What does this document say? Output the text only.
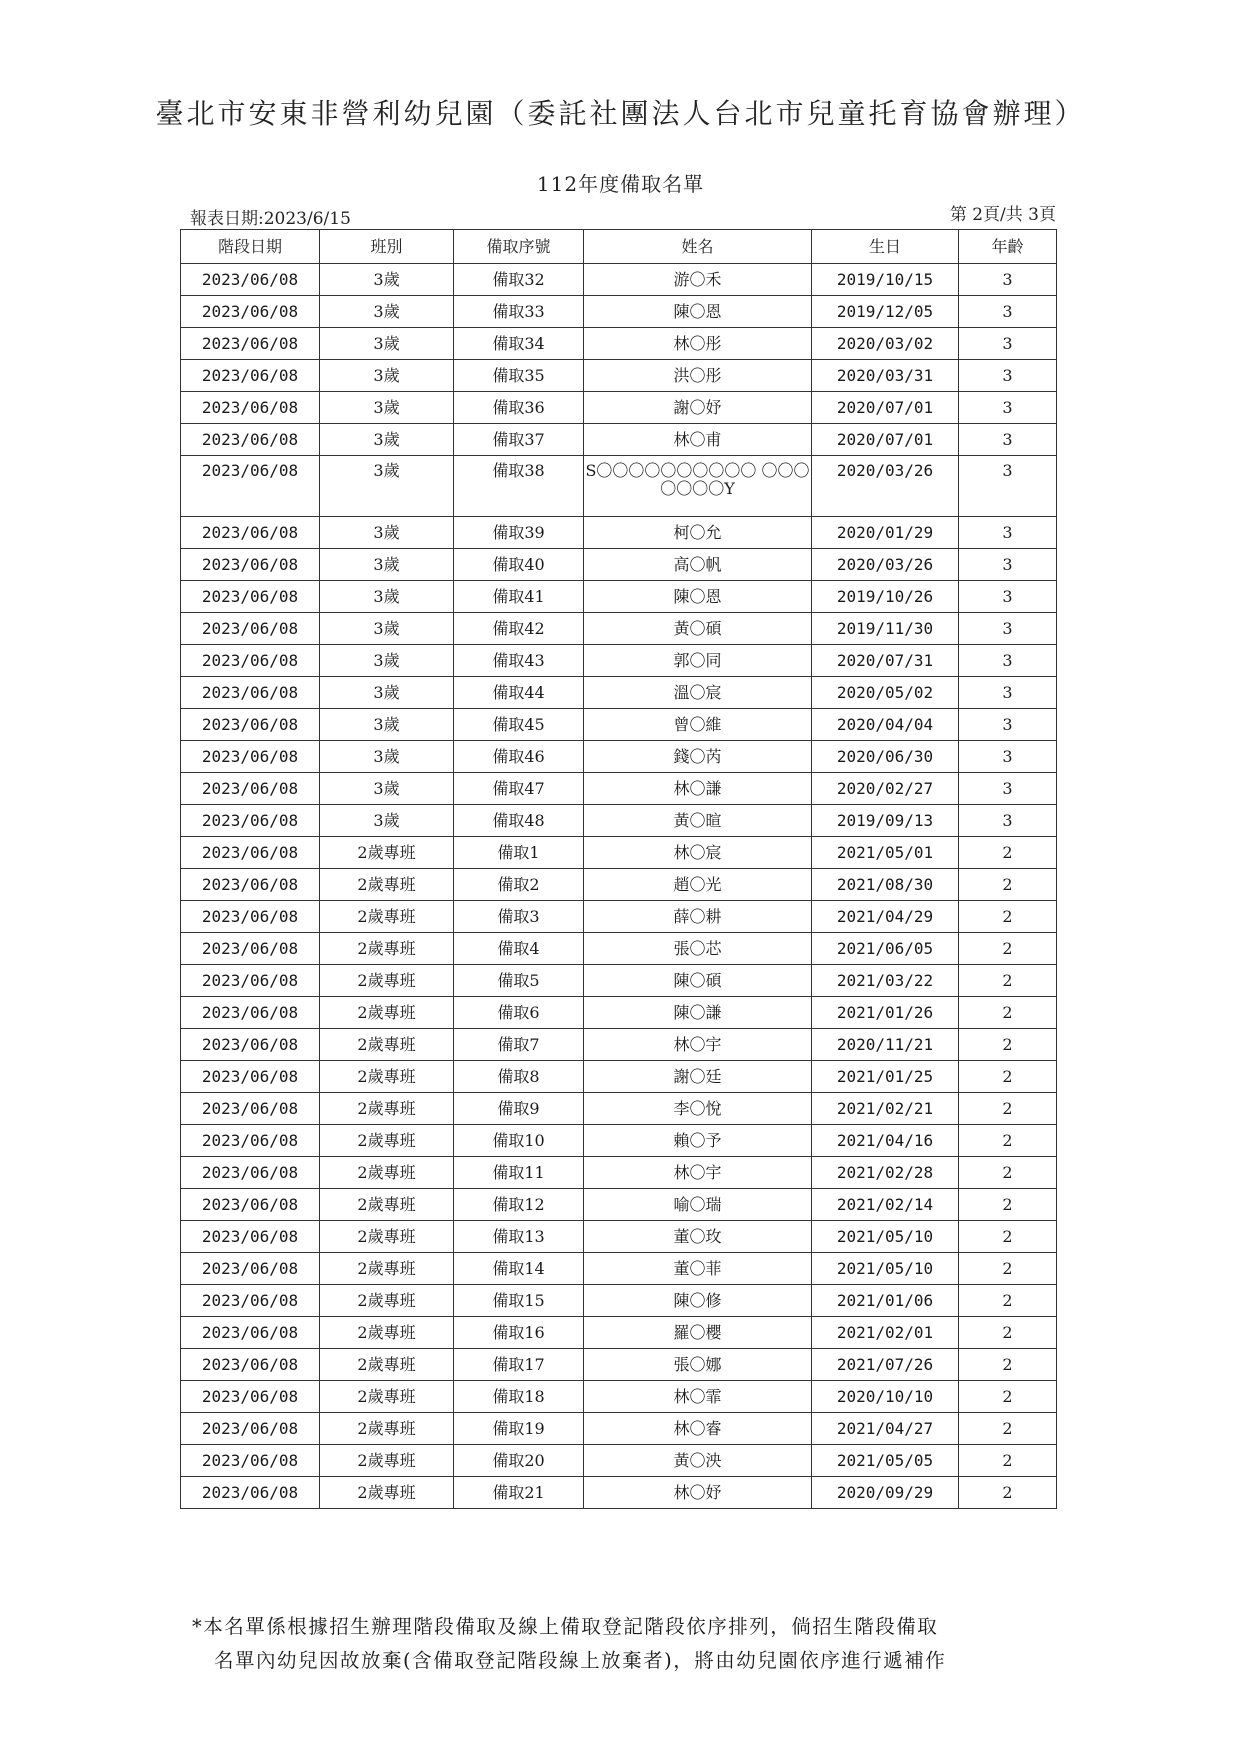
臺北市安東非營利幼兒園（委託社團法人台北市兒童托育協會辦理）
112年度備取名單
報表日期:2023/6/15	第 2頁/共 3頁
階段日期	班別	備取序號	姓名	生日	年齡
2023/06/08	3歲	備取32	游〇禾	2019/10/15	3
2023/06/08	3歲	備取33	陳〇恩	2019/12/05	3
2023/06/08	3歲	備取34	林〇彤	2020/03/02	3
2023/06/08	3歲	備取35	洪〇彤	2020/03/31	3
2023/06/08	3歲	備取36	謝〇妤	2020/07/01	3
2023/06/08	3歲	備取37	林〇甫	2020/07/01	3
2023/06/08	3歲	備取38	S〇〇〇〇〇〇〇〇〇〇 〇〇〇〇〇〇〇Y	2020/03/26	3
2023/06/08	3歲	備取39	柯〇允	2020/01/29	3
2023/06/08	3歲	備取40	高〇帆	2020/03/26	3
2023/06/08	3歲	備取41	陳〇恩	2019/10/26	3
2023/06/08	3歲	備取42	黃〇碩	2019/11/30	3
2023/06/08	3歲	備取43	郭〇同	2020/07/31	3
2023/06/08	3歲	備取44	溫〇宸	2020/05/02	3
2023/06/08	3歲	備取45	曾〇維	2020/04/04	3
2023/06/08	3歲	備取46	錢〇芮	2020/06/30	3
2023/06/08	3歲	備取47	林〇謙	2020/02/27	3
2023/06/08	3歲	備取48	黃〇暄	2019/09/13	3
2023/06/08	2歲專班	備取1	林〇宸	2021/05/01	2
2023/06/08	2歲專班	備取2	趙〇光	2021/08/30	2
2023/06/08	2歲專班	備取3	薛〇耕	2021/04/29	2
2023/06/08	2歲專班	備取4	張〇芯	2021/06/05	2
2023/06/08	2歲專班	備取5	陳〇碩	2021/03/22	2
2023/06/08	2歲專班	備取6	陳〇謙	2021/01/26	2
2023/06/08	2歲專班	備取7	林〇宇	2020/11/21	2
2023/06/08	2歲專班	備取8	謝〇廷	2021/01/25	2
2023/06/08	2歲專班	備取9	李〇悅	2021/02/21	2
2023/06/08	2歲專班	備取10	賴〇予	2021/04/16	2
2023/06/08	2歲專班	備取11	林〇宇	2021/02/28	2
2023/06/08	2歲專班	備取12	喻〇瑞	2021/02/14	2
2023/06/08	2歲專班	備取13	董〇玫	2021/05/10	2
2023/06/08	2歲專班	備取14	董〇菲	2021/05/10	2
2023/06/08	2歲專班	備取15	陳〇修	2021/01/06	2
2023/06/08	2歲專班	備取16	羅〇櫻	2021/02/01	2
2023/06/08	2歲專班	備取17	張〇娜	2021/07/26	2
2023/06/08	2歲專班	備取18	林〇霏	2020/10/10	2
2023/06/08	2歲專班	備取19	林〇睿	2021/04/27	2
2023/06/08	2歲專班	備取20	黃〇泱	2021/05/05	2
2023/06/08	2歲專班	備取21	林〇妤	2020/09/29	2
*本名單係根據招生辦理階段備取及線上備取登記階段依序排列，倘招生階段備取
名單內幼兒因故放棄(含備取登記階段線上放棄者)，將由幼兒園依序進行遞補作
